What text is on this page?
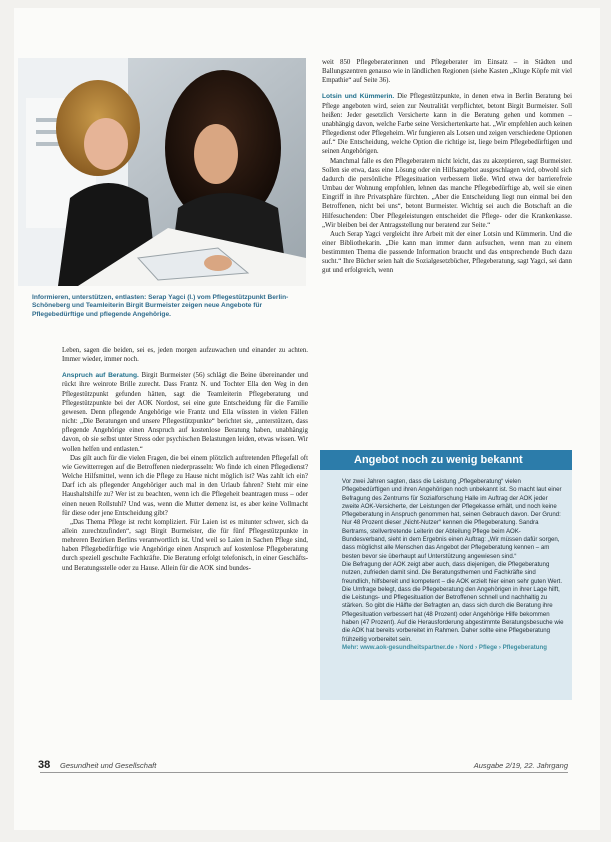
Informieren, unterstützen, entlasten: Serap Yagci (l.) vom Pflegestützpunkt Berlin-Schöneberg und Teamleiterin Birgit Burmeister zeigen neue Angebote für Pflegebedürftige und pflegende Angehörige.

Leben, sagen die beiden, sei es, jeden morgen aufzuwachen und einander zu achten. Immer wieder, immer noch.

Anspruch auf Beratung. Birgit Burmeister (56) schlägt die Beine übereinander und rückt ihre weinrote Brille zurecht. Dass Frantz N. und Tochter Ella den Weg in den Pflegestützpunkt gefunden hätten, sagt die Teamleiterin Pflegeberatung und Pflegestützpunkte bei der AOK Nordost, sei eine gute Entscheidung für die Familie gewesen. Denn pflegende Angehörige wie Frantz und Ella wüssten in vielen Fällen nicht: „Die Beratungen und unsere Pflegestützpunkte“ berichtet sie, „unterstützen, dass pflegende Angehörige einen Anspruch auf kostenlose Beratung haben, unabhängig davon, ob sie selbst unter Stress oder psychischen Belastungen leiden, etwas wissen. Wir wollen helfen und entlasten.“

Das gilt auch für die vielen Fragen, die bei einem plötzlich auftretenden Pflegefall oft wie Gewitterregen auf die Betroffenen niederprasseln: Wo finde ich einen Pflegedienst? Welche Hilfsmittel, wenn ich die Pflege zu Hause nicht möglich ist? Was zahlt ich ein? Darf ich als pflegender Angehöriger auch mal in den Urlaub fahren? Steht mir eine Haushaltshilfe zu? Wer ist zu beachten, wenn ich die Pflegeheit beantragen muss – oder einen neuen Rollstuhl? Und was, wenn die Mutter demenz ist, es aber keine Vollmacht für diese oder jene Entscheidung gibt?

„Das Thema Pflege ist recht kompliziert. Für Laien ist es mitunter schwer, sich da allein zurechtzufinden“, sagt Birgit Burmeister, die für fünf Pflegestützpunkte in mehreren Bezirken Berlins verantwortlich ist. Und weil so Laien in Sachen Pflege sind, haben Pflegebedürftige wie Angehörige einen Anspruch auf kostenlose Pflegeberatung durch speziell geschulte Fachkräfte. Die Beratung erfolgt telefonisch, in einer Geschäfts- und Beratungsstelle oder zu Hause. Allein für die AOK sind bundes-

weit 850 Pflegeberaterinnen und Pflegeberater im Einsatz – in Städten und Ballungszentren genauso wie in ländlichen Regionen (siehe Kasten „Kluge Köpfe mit viel Empathie“ auf Seite 36).

Lotsin und Kümmerin. Die Pflegestützpunkte, in denen etwa in Berlin Beratung bei Pflege angeboten wird, seien zur Neutralität verpflichtet, betont Birgit Burmeister. Soll heißen: Jeder gesetzlich Versicherte kann in die Beratung gehen und kommen – unabhängig davon, welche Farbe seine Versichertenkarte hat. „Wir empfehlen auch keinen Pflegedienst oder Pflegeheim. Wir fungieren als Lotsen und zeigen verschiedene Optionen auf.“ Die Entscheidung, welche Option die richtige ist, liege beim Pflegebedürftigen und seinen Angehörigen.

Manchmal falle es den Pflegeberatern nicht leicht, das zu akzeptieren, sagt Burmeister. Sollen sie etwa, dass eine Lösung oder ein Hilfsangebot ausgeschlagen wird, obwohl sich dadurch die persönliche Pflegesituation verbessern ließe. Wird etwa der barrierefreie Umbau der Wohnung empfohlen, lehnen das manche Pflegebedürftige ab, weil sie einen Eingriff in ihre Privatsphäre fürchten. „Aber die Entscheidung liegt nun einmal bei den Betroffenen, nicht bei uns“, betont Burmeister. Wichtig sei auch die Botschaft an die Hilfesuchenden: Über Pflegeleistungen entscheidet die Pflege- oder die Krankenkasse. „Wir bleiben bei der Antragsstellung nur beratend zur Seite.“

Auch Serap Yagci vergleicht ihre Arbeit mit der einer Lotsin und Kümmerin. Und die einer Bibliothekarin. „Die kann man immer dann aufsuchen, wenn man zu einem bestimmten Thema die passende Information braucht und das entsprechende Buch dazu sucht.“ Ihre Bücher seien halt die Sozialgesetzbücher, Pflegeberatung, sagt Yagci, sei dann gut und erfolgreich, wenn

Angebot noch zu wenig bekannt

Vor zwei Jahren sagten, dass die Leistung „Pflegeberatung“ vielen Pflegebedürftigen und ihren Angehörigen noch unbekannt ist. So macht laut einer Befragung des Zentrums für Sozialforschung Halle im Auftrag der AOK jeder zweite AOK-Versicherte, der Leistungen der Pflegekasse erhält, und noch keine Pflegeberatung in Anspruch genommen hat, seinen Gebrauch davon. Der Grund: Nur 48 Prozent dieser „Nicht-Nutzer“ kennen die Pflegeberatung. Sandra Bertrams, stellvertretende Leiterin der Abteilung Pflege beim AOK-Bundesverband, sieht in dem Ergebnis einen Auftrag: „Wir müssen dafür sorgen, dass möglichst alle Menschen das Angebot der Pflegeberatung kennen – am besten bevor sie überhaupt auf Unterstützung angewiesen sind.“

Die Befragung der AOK zeigt aber auch, dass diejenigen, die Pflegeberatung nutzen, zufrieden damit sind. Die Beratungsthemen und Fachkräfte sind freundlich, hilfsbereit und kompetent – die AOK erzielt hier einen sehr guten Wert. Die Umfrage belegt, dass die Pflegeberatung den Angehörigen in ihrer Lage hilft, die Leistungs- und Pflegesituation der Betroffenen schnell und nachhaltig zu stärken. So gibt die Hälfte der Befragten an, dass sich durch die Beratung ihre Pflegesituation verbessert hat (48 Prozent) oder Angehörige Hilfe bekommen haben (47 Prozent). Auf die Herausforderung abgestimmte Beratungsbesuche wie die AOK hat bereits vorbereitet im Rahmen. Daher sollte eine Pflegeberatung frühzeitig vorbereitet sein.

Mehr: www.aok-gesundheitspartner.de › Nord › Pflege › Pflegeberatung

38 Gesundheit und Gesellschaft	Ausgabe 2/19, 22. Jahrgang
